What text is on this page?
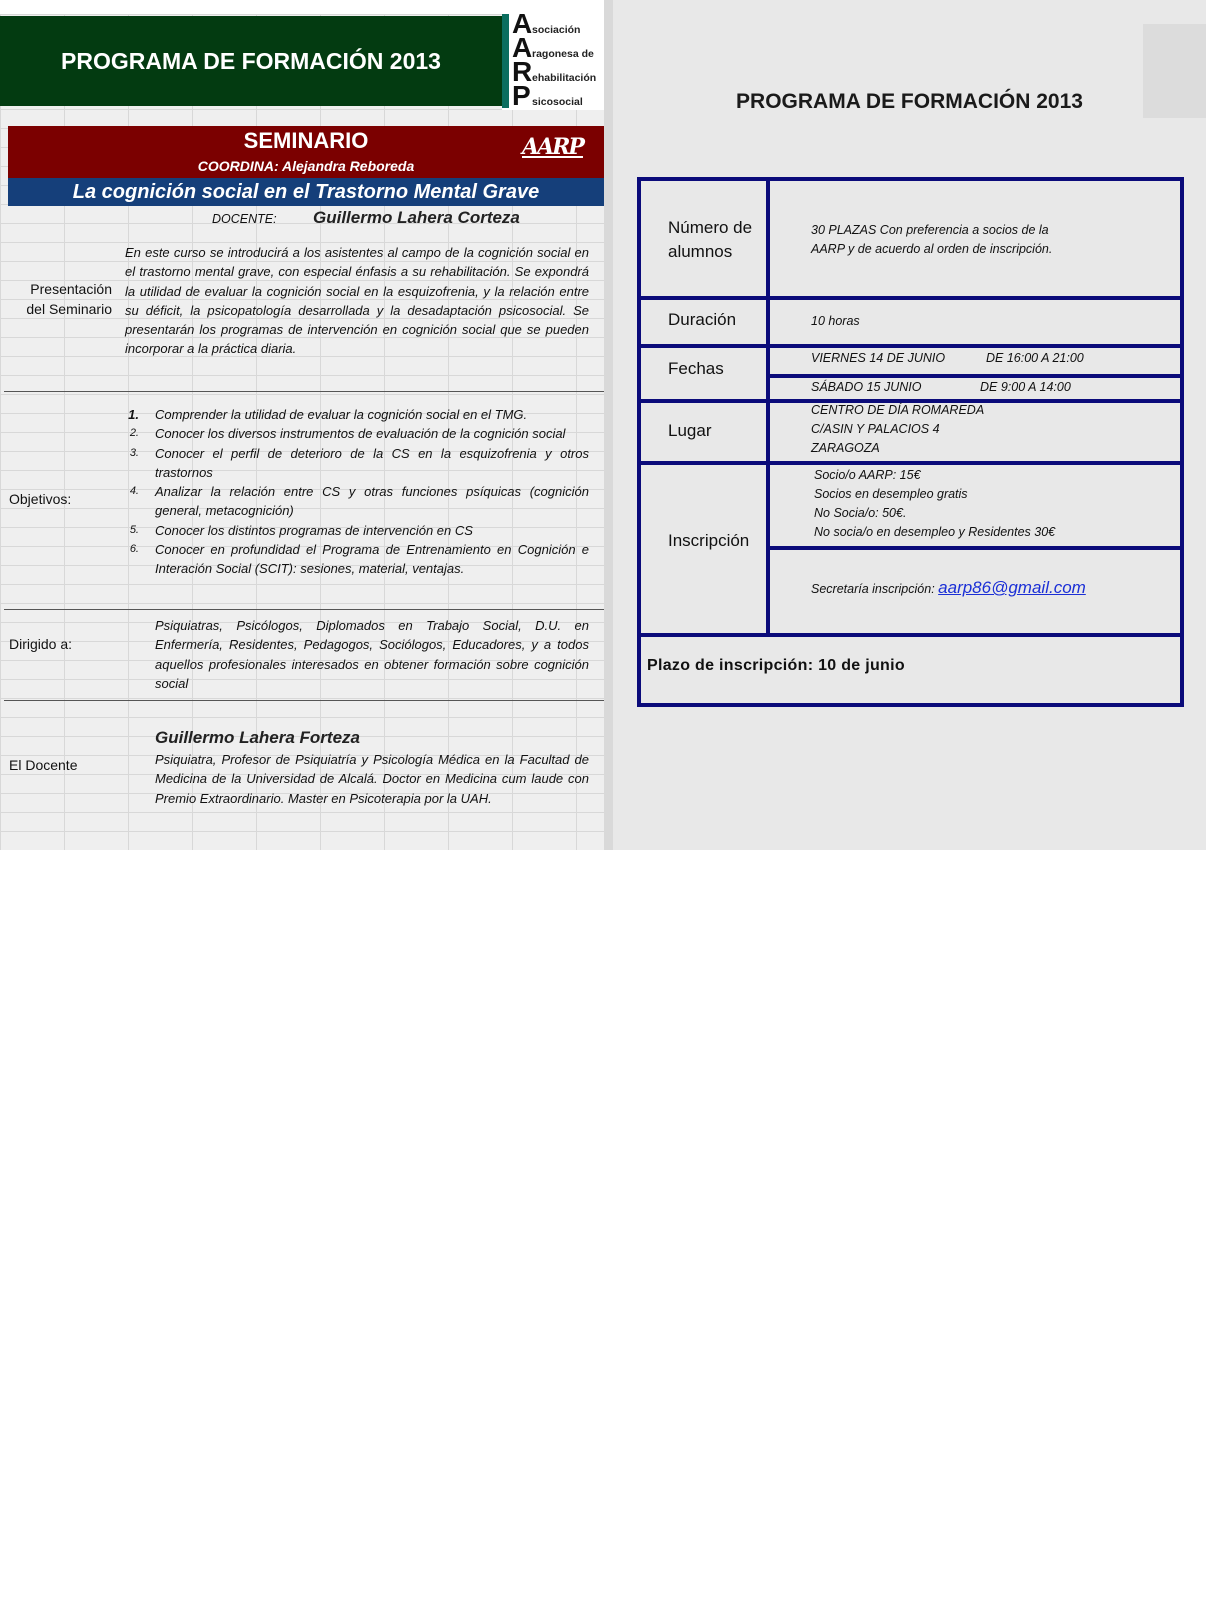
PROGRAMA DE FORMACIÓN 2013
A sociación
A ragonesa de
R ehabilitación
P sicosocial
SEMINARIO
COORDINA: Alejandra Reboreda
AARP
La cognición social en el Trastorno Mental Grave
DOCENTE: Guillermo Lahera Corteza
Presentación
del Seminario
En este curso se introducirá a los asistentes al campo de la cognición social en el trastorno mental grave, con especial énfasis a su rehabilitación. Se expondrá la utilidad de evaluar la cognición social en la esquizofrenia, y la relación entre su déficit, la psicopatología desarrollada y la desadaptación psicosocial. Se presentarán los programas de intervención en cognición social que se pueden incorporar a la práctica diaria.
Objetivos:
1. Comprender la utilidad de evaluar la cognición social en el TMG.
2. Conocer los diversos instrumentos de evaluación de la cognición social
3. Conocer el perfil de deterioro de la CS en la esquizofrenia y otros trastornos
4. Analizar la relación entre CS y otras funciones psíquicas (cognición general, metacognición)
5. Conocer los distintos programas de intervención en CS
6. Conocer en profundidad el Programa de Entrenamiento en Cognición e Interación Social (SCIT): sesiones, material, ventajas.
Dirigido a:
Psiquiatras, Psicólogos, Diplomados en Trabajo Social, D.U. en Enfermería, Residentes, Pedagogos, Sociólogos, Educadores, y a todos aquellos profesionales interesados en obtener formación sobre cognición social
El Docente
Guillermo Lahera Forteza
Psiquiatra, Profesor de Psiquiatría y Psicología Médica en la Facultad de Medicina de la Universidad de Alcalá. Doctor en Medicina cum laude con Premio Extraordinario. Master en Psicoterapia por la UAH.
PROGRAMA DE FORMACIÓN 2013
Número de
alumnos
30 PLAZAS Con preferencia a socios de la
AARP y de acuerdo al orden de inscripción.
Duración	10 horas
Fechas
VIERNES 14 DE JUNIO	DE 16:00 A 21:00
SÁBADO 15 JUNIO	DE 9:00 A 14:00
Lugar
CENTRO DE DÍA ROMAREDA
C/ASIN Y PALACIOS 4
ZARAGOZA
Inscripción
Socio/o AARP: 15€
Socios en desempleo gratis
No Socia/o: 50€.
No socia/o en desempleo y Residentes 30€
Secretaría inscripción: aarp86@gmail.com
Plazo de inscripción: 10 de junio
